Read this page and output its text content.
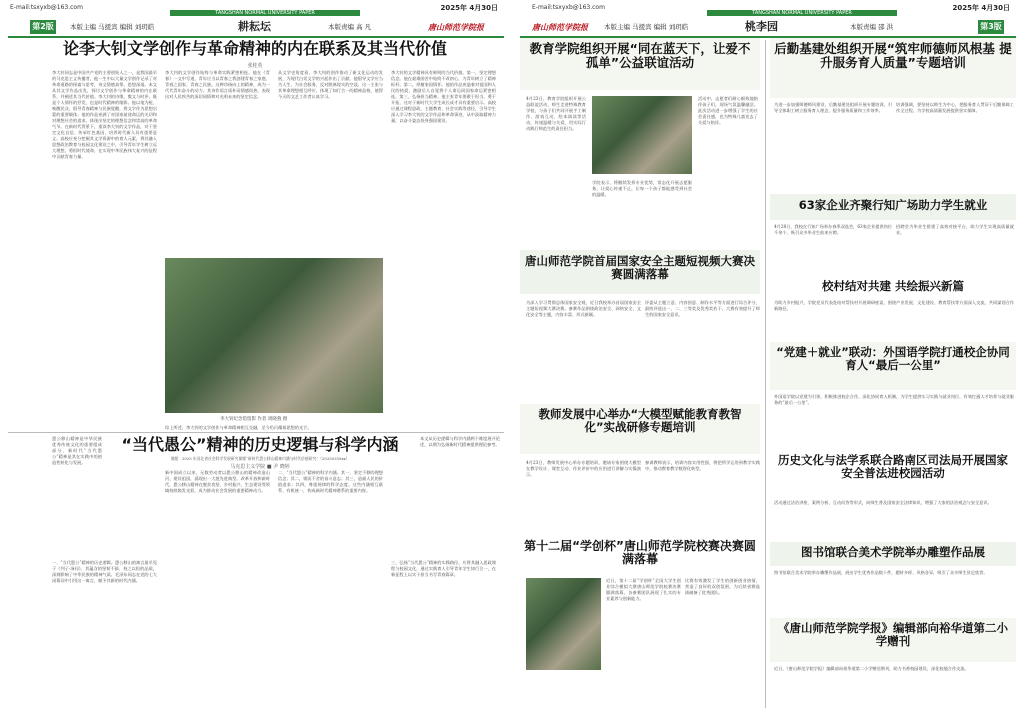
E-mail:tsxyxb@163.com
TANGSHAN NORMAL UNIVERSITY PAPER
2025年 4月30日
第2版	本版主编 马援宾 编辑 刘玥皓	耕耘坛	本版责编 高 凡	唐山师范学院报
论李大钊文学创作与革命精神的内在联系及其当代价值
张桂英
李大钊同志是中国共产党的主要创始人之一，是我国最早的马克思主义传播者，他一生中以大量文学创作记录了对革命道路的探索与思考，诗文情感真挚、思想深邃。本文从其文学作品出发，探讨文学创作与革命精神的内在联系，并阐述其当代价值。李大钊的诗歌、散文与时评，既是个人情怀的抒发，也是时代精神的缩影。他以笔为枪，唤醒民众，倡导青春精神与民族觉醒，将文学作为思想启蒙的重要载体。他的作品充满了对国家前途命运的关切和对理想社会的追求，体现出坚定的理想信念和崇高的革命气节。在新时代背景下，重读李大钊的文学作品，对于坚定文化自信、传承红色基因、培养时代新人具有重要意义。高校应充分挖掘其文学资源中的育人元素，将其融入思想政治教育与校园文化建设之中，引导青年学生树立远大理想，勇担时代使命，在实现中华民族伟大复兴的征程中贡献青春力量。
李大钊的文学创作始终与革命实践紧密相连。他在《青春》一文中写道，青年应当以青春之我创建青春之家庭、青春之国家、青春之民族。这种昂扬向上的精神，成为一代代青年奋斗的动力。其诗作语言质朴而情感炽热，表现出对人民疾苦的深切同情和对光明未来的坚定信念。
从文学史角度看，李大钊的创作推动了新文化运动的发展，为现代白话文学的兴起作出了贡献。他倡导文学应当为人生、为社会服务，反对脱离现实的空谈。这一主张与其革命理想相互呼应，体现了知行合一的精神品格，值得今天的文艺工作者认真学习。
李大钊的文学精神具有鲜明的当代价值。第一，坚定理想信念。他在艰难困苦中始终不改初心，为青年树立了精神标杆。第二，厚植家国情怀。他的作品充溢着对祖国和人民的热爱，激励后人自觉将个人命运同国家命运紧密相连。第三，弘扬担当精神。他主张青年要敢于担当、勇于开拓，这对于新时代大学生成长成才具有重要启示。高校应通过课程思政、主题教育、社会实践等途径，引导学生深入学习李大钊的文学作品和革命事迹，从中汲取精神力量，以奋斗姿态投身强国建设。
李大钊纪念馆留影 作者 周晓燕 摄
综上所述，李大钊的文学创作与革命精神相互交融，至今仍闪耀着思想的光芒。
愚公移山精神是中华民族优秀传统文化的重要组成部分，新时代“当代愚公”精神是其在实践中的创造性转化与发展。
“当代愚公”精神的历史逻辑与科学内涵	本文从历史逻辑与科学内涵两个维度展开论述，以期为弘扬新时代精神提供理论参考。
课题：2025 年河北省社会科学发展研究课题“新时代愚公移山精神内涵与时代价值研究”（20250205xx）
马克思主义学院 ■ 尹 晓婷
一、“当代愚公”精神的历史逻辑。愚公移山的寓言最早见于《列子·汤问》，其蕴含的坚韧不拔、持之以恒的品质，深刻影响了中华民族的精神气质。毛泽东同志在党的七大闭幕词中引用这一寓言，赋予其新的时代内涵。
新中国成立以来，无数劳动者以愚公移山的精神改造山河、建设祖国，涌现出一大批先进典型。改革开放和新时代，愚公移山精神在脱贫攻坚、乡村振兴、生态建设等领域持续焕发光彩，成为推动社会发展的重要精神动力。
二、“当代愚公”精神的科学内涵。其一，坚定不移的理想信念；其二，锲而不舍的奋斗意志；其三，造福人民的价值追求；其四，尊重规律的科学态度。这些内涵相互联系、有机统一，构成新时代精神谱系的重要内容。
三、弘扬“当代愚公”精神的实践路径。应将其融入思政课程与校园文化，通过实践育人引导青年学生知行合一，在新征程上以实干担当书写青春篇章。
E-mail:tsxyxb@163.com
TANGSHAN NORMAL UNIVERSITY PAPER
2025年 4月30日
唐山师范学院报 本版主编 马援宾 编辑 刘玥皓	桃李园	本版责编 邵 洪	第3版
教育学院组织开展“同在蓝天下，让爱不孤单”公益联谊活动
4月23日，教育学院组织开展公益联谊活动，师生走进特殊教育学校，与孩子们共同开展手工制作、游戏互动、绘本阅读等活动，传递温暖与关爱，用实际行动践行师范生的责任担当。
活动中，志愿者们耐心细致地陪伴孩子们，现场气氛温馨融洽。此次活动进一步增强了学生的社会责任感，也为特殊儿童送去了关爱与陪伴。
学院表示，将继续发挥专业优势，常态化开展志愿服务，让爱心传递不止，让每一个孩子都能感受到社会的温暖。
唐山师范学院首届国家安全主题短视频大赛决赛圆满落幕
为深入学习贯彻总体国家安全观，近日我校举办首届国家安全主题短视频大赛决赛。参赛作品围绕政治安全、网络安全、文化安全等主题，内容丰富、形式新颖。
评委从主题立意、内容创意、制作水平等方面进行综合评分，最终评选出一、二、三等奖及优秀奖若干。大赛有效提升了师生的国家安全意识。
教师发展中心举办“大模型赋能教育教智化”实战研修专题培训
4月23日，教师发展中心举办专题培训，邀请专家围绕大模型在教学设计、课堂互动、作业评价中的应用进行讲解与实操演示。
参训教师表示，培训内容实用性强，将把所学运用到教学实践中，推动教育教学数智化转型。
第十二届“学创杯”唐山师范学院校赛决赛圆满落幕
近日，第十二届“学创杯”全国大学生创业综合模拟大赛唐山师范学院校赛决赛圆满落幕，各参赛团队展现了扎实的专业素养与创新能力。
比赛有效激发了学生的创新创业热情，营造了良好的双创氛围，为后续省赛选拔储备了优秀团队。
后勤基建处组织开展“筑牢师德师风根基 提升服务育人质量”专题培训
为进一步加强师德师风建设，后勤基建处组织开展专题培训，引导全体职工树立服务育人理念，提升服务质量和工作效率。
培训强调，要坚持以师生为中心，把服务育人贯穿于后勤保障工作全过程，为学校高质量发展提供坚实保障。
63家企业齐聚行知广场助力学生就业
4月28日，我校在行知广场举办春季双选会，63家企业提供岗位千余个，吸引众多毕业生前来应聘。
招聘会为毕业生搭建了高效对接平台，助力学生实现高质量就业。
校村结对共建 共绘振兴新篇
为助力乡村振兴，学院党员代表赴结对帮扶村开展调研座谈，围绕产业发展、文化建设、教育帮扶等方面深入交流，共同谋划合作新路径。
“党建＋就业”联动：外国语学院打通校企协同育人“最后一公里”
外国语学院以党建为引领，积极推进校企合作，深化协同育人机制，为学生提供实习实践与就业岗位，有效打通人才培养与就业服务的“最后一公里”。
历史文化与法学系联合路南区司法局开展国家安全普法进校园活动
活动通过法治讲座、案例分析、互动问答等形式，向师生普及国家安全法律知识，增强了大家的法治观念与安全意识。
图书馆联合美术学院举办雕塑作品展
图书馆联合美术学院举办雕塑作品展，展出学生优秀作品数十件，题材多样、风格各异，吸引了众多师生驻足欣赏。
《唐山师范学院学报》编辑部向裕华道第二小学赠刊
近日，《唐山师范学院学报》编辑部向裕华道第二小学赠送期刊，助力书香校园建设，深化校地合作交流。
